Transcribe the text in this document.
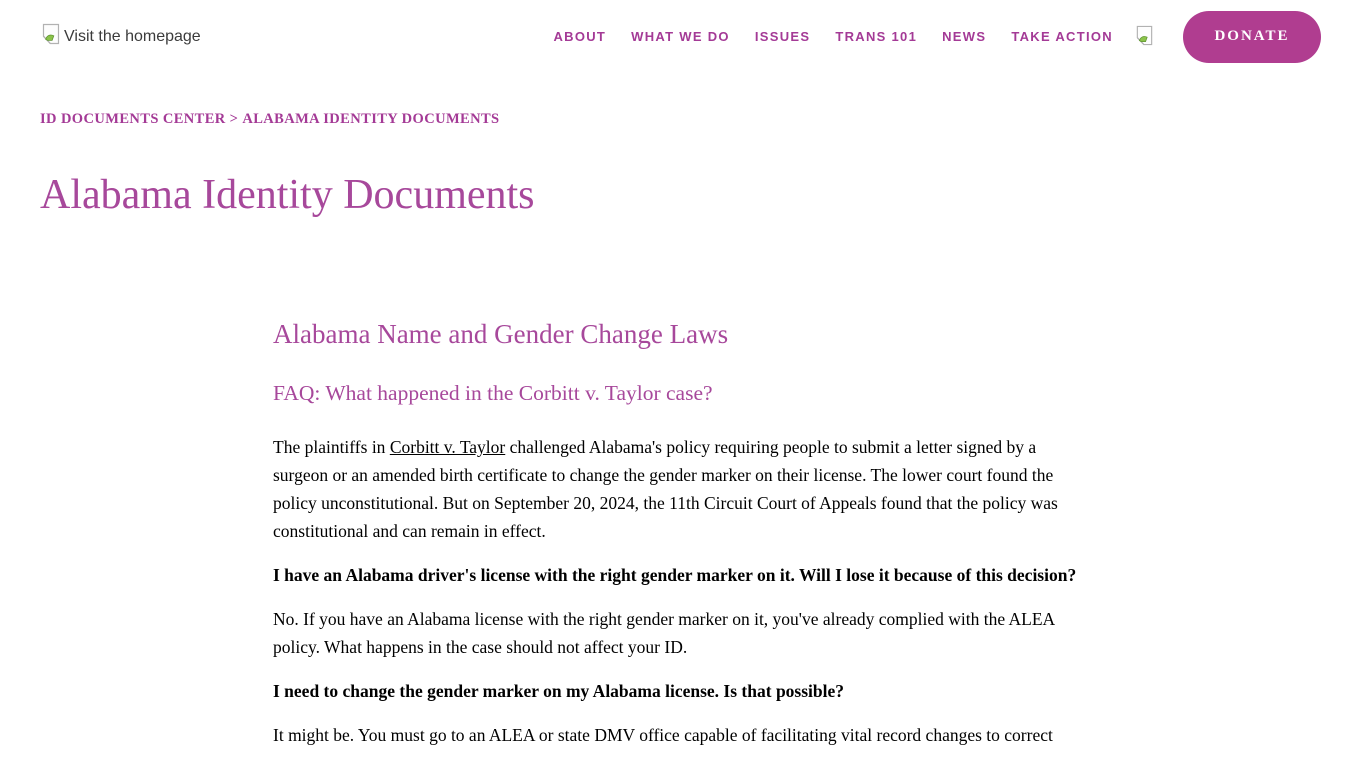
Visit the homepage	ABOUT WHAT WE DO ISSUES TRANS 101 NEWS TAKE ACTION	DONATE
ID DOCUMENTS CENTER > ALABAMA IDENTITY DOCUMENTS
Alabama Identity Documents
Alabama Name and Gender Change Laws
FAQ: What happened in the Corbitt v. Taylor case?

The plaintiffs in Corbitt v. Taylor challenged Alabama's policy requiring people to submit a letter signed by a surgeon or an amended birth certificate to change the gender marker on their license. The lower court found the policy unconstitutional. But on September 20, 2024, the 11th Circuit Court of Appeals found that the policy was constitutional and can remain in effect.

I have an Alabama driver's license with the right gender marker on it. Will I lose it because of this decision?

No. If you have an Alabama license with the right gender marker on it, you've already complied with the ALEA policy. What happens in the case should not affect your ID.

I need to change the gender marker on my Alabama license. Is that possible?

It might be. You must go to an ALEA or state DMV office capable of facilitating vital record changes to correct
